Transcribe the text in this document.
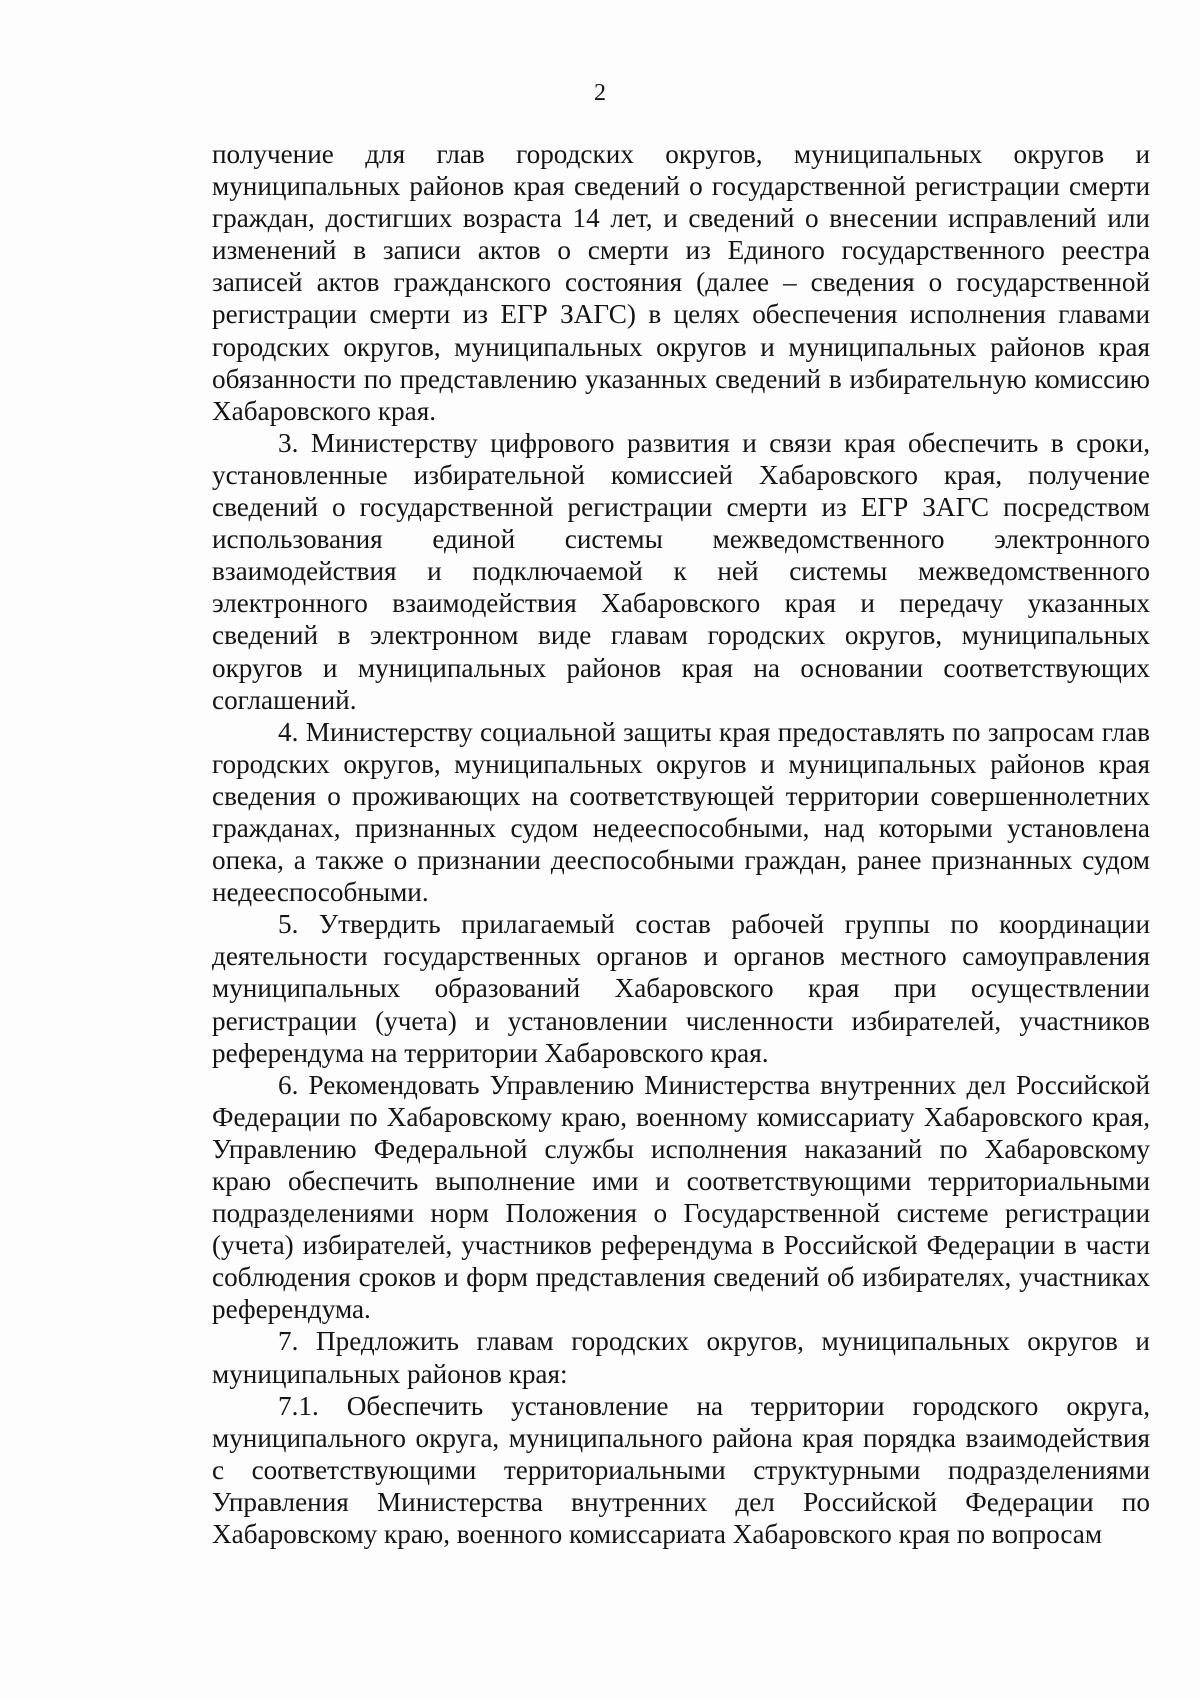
2

получение для глав городских округов, муниципальных округов и муниципальных районов края сведений о государственной регистрации смерти граждан, достигших возраста 14 лет, и сведений о внесении исправлений или изменений в записи актов о смерти из Единого государственного реестра записей актов гражданского состояния (далее – сведения о государственной регистрации смерти из ЕГР ЗАГС) в целях обеспечения исполнения главами городских округов, муниципальных округов и муниципальных районов края обязанности по представлению указанных сведений в избирательную комиссию Хабаровского края.

3. Министерству цифрового развития и связи края обеспечить в сроки, установленные избирательной комиссией Хабаровского края, получение сведений о государственной регистрации смерти из ЕГР ЗАГС посредством использования единой системы межведомственного электронного взаимодействия и подключаемой к ней системы межведомственного электронного взаимодействия Хабаровского края и передачу указанных сведений в электронном виде главам городских округов, муниципальных округов и муниципальных районов края на основании соответствующих соглашений.

4. Министерству социальной защиты края предоставлять по запросам глав городских округов, муниципальных округов и муниципальных районов края сведения о проживающих на соответствующей территории совершеннолетних гражданах, признанных судом недееспособными, над которыми установлена опека, а также о признании дееспособными граждан, ранее признанных судом недееспособными.

5. Утвердить прилагаемый состав рабочей группы по координации деятельности государственных органов и органов местного самоуправления муниципальных образований Хабаровского края при осуществлении регистрации (учета) и установлении численности избирателей, участников референдума на территории Хабаровского края.

6. Рекомендовать Управлению Министерства внутренних дел Российской Федерации по Хабаровскому краю, военному комиссариату Хабаровского края, Управлению Федеральной службы исполнения наказаний по Хабаровскому краю обеспечить выполнение ими и соответствующими территориальными подразделениями норм Положения о Государственной системе регистрации (учета) избирателей, участников референдума в Российской Федерации в части соблюдения сроков и форм представления сведений об избирателях, участниках референдума.

7. Предложить главам городских округов, муниципальных округов и муниципальных районов края:

7.1. Обеспечить установление на территории городского округа, муниципального округа, муниципального района края порядка взаимодействия с соответствующими территориальными структурными подразделениями Управления Министерства внутренних дел Российской Федерации по Хабаровскому краю, военного комиссариата Хабаровского края по вопросам
